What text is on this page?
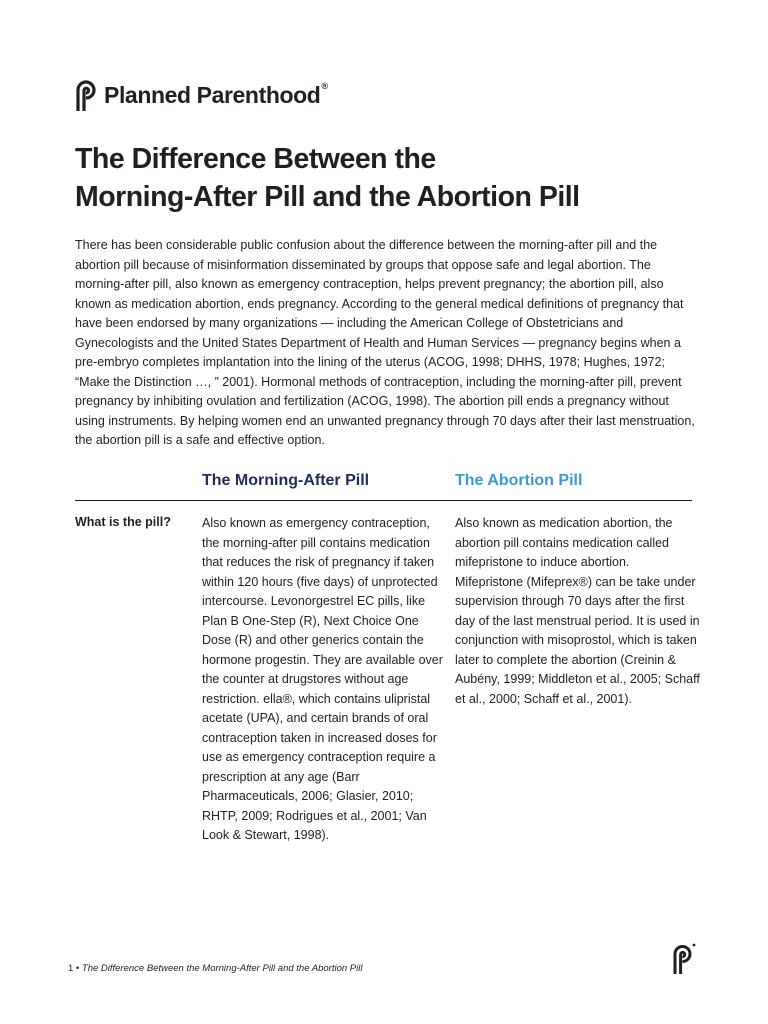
Planned Parenthood®
The Difference Between the
Morning-After Pill and the Abortion Pill

There has been considerable public confusion about the difference between the morning-after pill and the abortion pill because of misinformation disseminated by groups that oppose safe and legal abortion. The morning-after pill, also known as emergency contraception, helps prevent pregnancy; the abortion pill, also known as medication abortion, ends pregnancy. According to the general medical definitions of pregnancy that have been endorsed by many organizations — including the American College of Obstetricians and Gynecologists and the United States Department of Health and Human Services — pregnancy begins when a pre-embryo completes implantation into the lining of the uterus (ACOG, 1998; DHHS, 1978; Hughes, 1972; “Make the Distinction …, ” 2001). Hormonal methods of contraception, including the morning-after pill, prevent pregnancy by inhibiting ovulation and fertilization (ACOG, 1998). The abortion pill ends a pregnancy without using instruments. By helping women end an unwanted pregnancy through 70 days after their last menstruation, the abortion pill is a safe and effective option.

The Morning-After Pill	The Abortion Pill

What is the pill? Also known as emergency contraception, the morning-after pill contains medication that reduces the risk of pregnancy if taken within 120 hours (five days) of unprotected intercourse. Levonorgestrel EC pills, like Plan B One-Step (R), Next Choice One Dose (R) and other generics contain the hormone progestin. They are available over the counter at drugstores without age restriction. ella®, which contains ulipristal acetate (UPA), and certain brands of oral contraception taken in increased doses for use as emergency contraception require a prescription at any age (Barr Pharmaceuticals, 2006; Glasier, 2010; RHTP, 2009; Rodrigues et al., 2001; Van Look & Stewart, 1998).

Also known as medication abortion, the abortion pill contains medication called mifepristone to induce abortion. Mifepristone (Mifeprex®) can be take under supervision through 70 days after the first day of the last menstrual period. It is used in conjunction with misoprostol, which is taken later to complete the abortion (Creinin & Aubény, 1999; Middleton et al., 2005; Schaff et al., 2000; Schaff et al., 2001).

1 • The Difference Between the Morning-After Pill and the Abortion Pill
